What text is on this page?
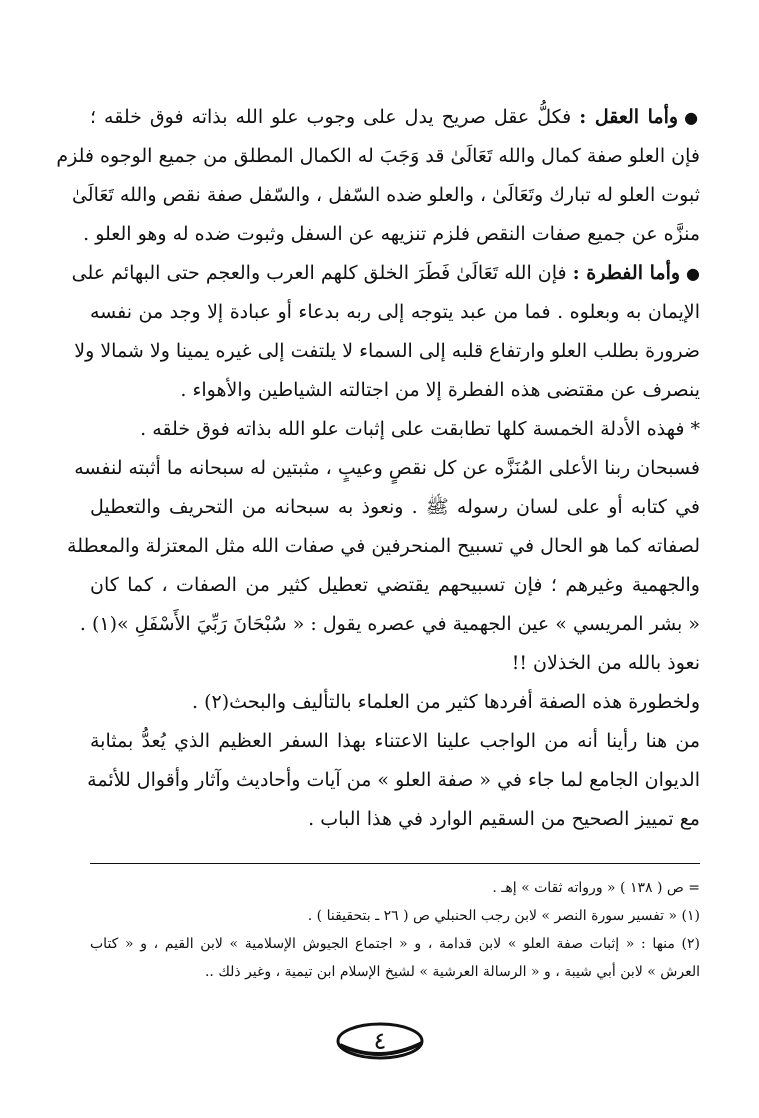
●وأما العقل : فكلُّ عقل صريح يدل على وجوب علو الله بذاته فوق خلقه ؛
فإن العلو صفة كمال والله تَعَالَىٰ قد وَجَبَ له الكمال المطلق من جميع الوجوه فلزم
ثبوت العلو له تبارك وتَعَالَىٰ ، والعلو ضده السّفل ، والسّفل صفة نقص والله تَعَالَىٰ
منزَّه عن جميع صفات النقص فلزم تنزيهه عن السفل وثبوت ضده له وهو العلو .
●وأما الفطرة : فإن الله تَعَالَىٰ فَطَرَ الخلق كلهم العرب والعجم حتى البهائم على
الإيمان به وبعلوه . فما من عبد يتوجه إلى ربه بدعاء أو عبادة إلا وجد من نفسه
ضرورة بطلب العلو وارتفاع قلبه إلى السماء لا يلتفت إلى غيره يمينا ولا شمالا ولا
ينصرف عن مقتضى هذه الفطرة إلا من اجتالته الشياطين والأهواء .
* فهذه الأدلة الخمسة كلها تطابقت على إثبات علو الله بذاته فوق خلقه .
فسبحان ربنا الأعلى المُنَزَّه عن كل نقصٍ وعيبٍ ، مثبتين له سبحانه ما أثبته لنفسه
في كتابه أو على لسان رسوله ﷺ . ونعوذ به سبحانه من التحريف والتعطيل
لصفاته كما هو الحال في تسبيح المنحرفين في صفات الله مثل المعتزلة والمعطلة
والجهمية وغيرهم ؛ فإن تسبيحهم يقتضي تعطيل كثير من الصفات ، كما كان
« بشر المريسي » عين الجهمية في عصره يقول : « سُبْحَانَ رَبِّيَ الأَسْفَلِ »(١) .
نعوذ بالله من الخذلان !!
ولخطورة هذه الصفة أفردها كثير من العلماء بالتأليف والبحث(٢) .
من هنا رأينا أنه من الواجب علينا الاعتناء بهذا السفر العظيم الذي يُعدُّ بمثابة
الديوان الجامع لما جاء في « صفة العلو » من آيات وأحاديث وآثار وأقوال للأئمة
مع تمييز الصحيح من السقيم الوارد في هذا الباب .
= ص ( ١٣٨ ) « ورواته ثقات » إهـ .
(١) « تفسير سورة النصر » لابن رجب الحنبلي ص ( ٢٦ ـ بتحقيقنا ) .
(٢) منها : « إثبات صفة العلو » لابن قدامة ، و « اجتماع الجيوش الإسلامية » لابن القيم ، و « كتاب
العرش » لابن أبي شيبة ، و « الرسالة العرشية » لشيخ الإسلام ابن تيمية ، وغير ذلك ..
٤
